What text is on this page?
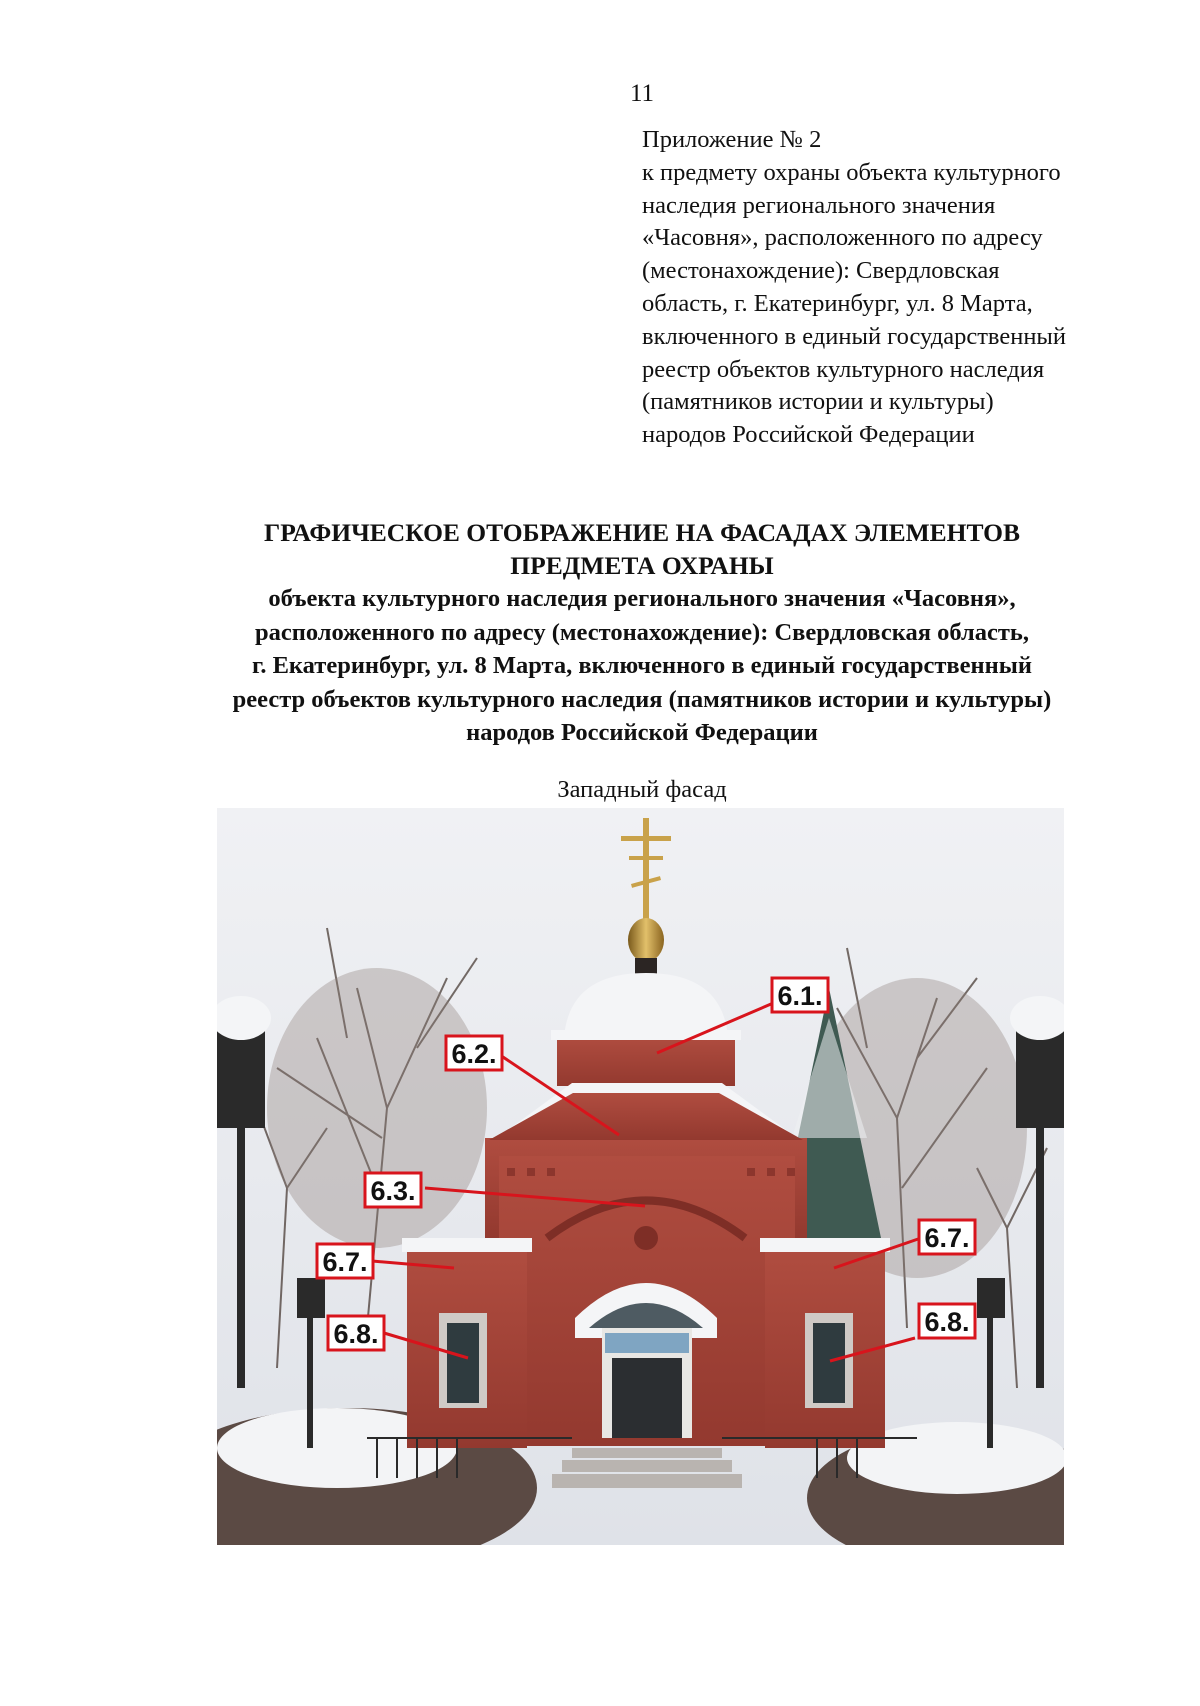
11
Приложение № 2
к предмету охраны объекта культурного
наследия регионального значения
«Часовня», расположенного по адресу
(местонахождение): Свердловская
область, г. Екатеринбург, ул. 8 Марта,
включенного в единый государственный
реестр объектов культурного наследия
(памятников истории и культуры)
народов Российской Федерации
ГРАФИЧЕСКОЕ ОТОБРАЖЕНИЕ НА ФАСАДАХ ЭЛЕМЕНТОВ
ПРЕДМЕТА ОХРАНЫ
объекта культурного наследия регионального значения «Часовня»,
расположенного по адресу (местонахождение): Свердловская область,
г. Екатеринбург, ул. 8 Марта, включенного в единый государственный
реестр объектов культурного наследия (памятников истории и культуры)
народов Российской Федерации
Западный фасад
6.1.
6.2.
6.3.
6.7.
6.7.
6.8.	6.8.
